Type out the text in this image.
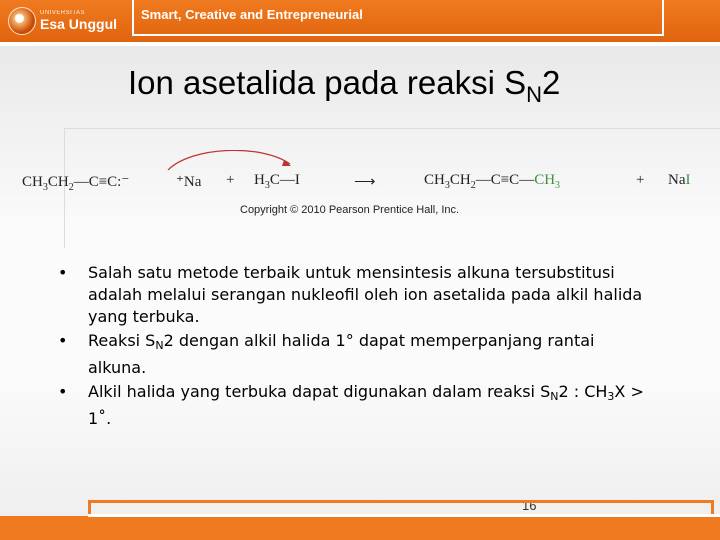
UNIVERSITAS
Esa Unggul
Smart, Creative and Entrepreneurial
Ion asetalida pada reaksi $S_N2$
$CH_3CH_2—C\equiv C:^-$	$^+Na + H_3C—I$	⟶	$CH_3CH_2—C\equiv C—CH_3$	+ NaI
Copyright © 2010 Pearson Prentice Hall, Inc.
• Salah satu metode terbaik untuk mensintesis alkuna tersubstitusi adalah melalui serangan nukleofil oleh ion asetalida pada alkil halida yang terbuka.
• Reaksi $S_N2$ dengan alkil halida 1° dapat memperpanjang rantai alkuna.
• Alkil halida yang terbuka dapat digunakan dalam reaksi $S_N2$ : $CH_3X$ > 1˚.
16
